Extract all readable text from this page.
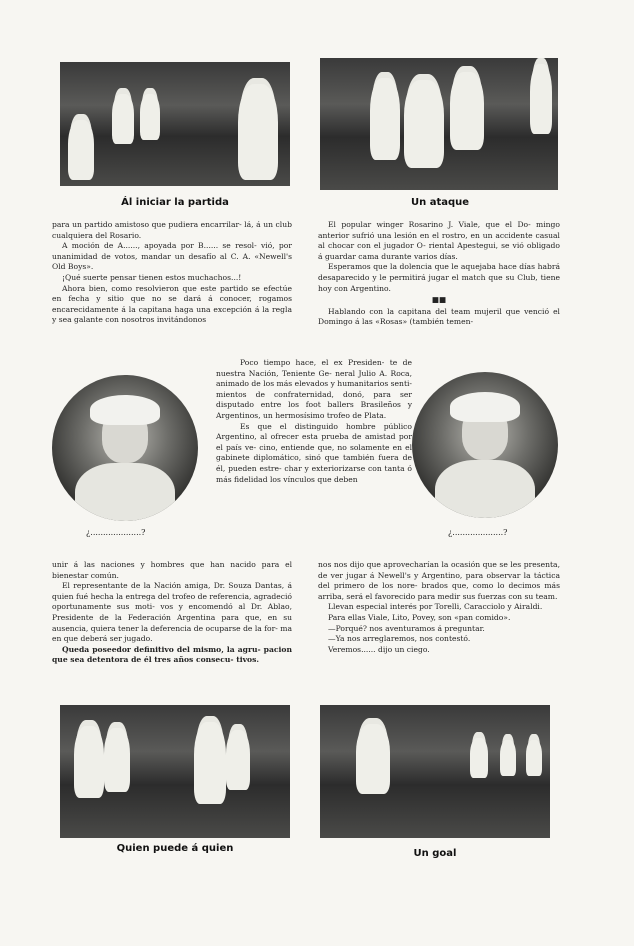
Ál iniciar la partida	Un ataque

para un partido amistoso que pudiera encarrilar- lá, á un club cualquiera del Rosario.

A moción de A......, apoyada por B...... se resol- vió, por unanimidad de votos, mandar un desafío al C. A. «Newell's Old Boys».

¡Qué suerte pensar tienen estos muchachos...!

Ahora bien, como resolvieron que este partido se efectúe en fecha y sitio que no se dará á conocer, rogamos encarecidamente á la capitana haga una excepción á la regla y sea galante con nosotros invitándonos

El popular winger Rosarino J. Viale, que el Do- mingo anterior sufrió una lesión en el rostro, en un accidente casual al chocar con el jugador O- riental Apestegui, se vió obligado á guardar cama durante varios días.

Esperamos que la dolencia que le aquejaba hace días habrá desaparecido y le permitirá jugar el match que su Club, tiene hoy con Argentino.

■■

Hablando con la capitana del team mujeril que venció el Domingo á las «Rosas» (también temen-

¿....................?	¿....................?

Poco tiempo hace, el ex Presiden- te de nuestra Nación, Teniente Ge- neral Julio A. Roca, animado de los más elevados y humanitarios senti- mientos de confraternidad, donó, para ser disputado entre los foot ballers Brasileños y Argentinos, un hermosísimo trofeo de Plata.

Es que el distinguido hombre público Argentino, al ofrecer esta prueba de amistad por el país ve- cino, entiende que, no solamente en el gabinete diplomático, sinó que también fuera de él, pueden estre- char y exteriorizarse con tanta ó más fidelidad los vínculos que deben

unir á las naciones y hombres que han nacido para el bienestar común.

El representante de la Nación amiga, Dr. Souza Dantas, á quien fué hecha la entrega del trofeo de referencia, agradeció oportunamente sus moti- vos y encomendó al Dr. Ablao, Presidente de la Federación Argentina para que, en su ausencia, quiera tener la deferencia de ocuparse de la for- ma en que deberá ser jugado.

Queda poseedor definitivo del mismo, la agru- pacion que sea detentora de él tres años consecu- tivos.

nos nos dijo que aprovecharían la ocasión que se les presenta, de ver jugar á Newell's y Argentino, para observar la táctica del primero de los nore- brados que, como lo decimos más arriba, será el favorecido para medir sus fuerzas con su team.

Llevan especial interés por Torelli, Caracciolo y Airaldi.

Para ellas Viale, Lito, Povey, son «pan comido».

—Porqué? nos aventuramos á preguntar.

—Ya nos arreglaremos, nos contestó.

Veremos...... dijo un ciego.

Quien puede á quien	Un goal
